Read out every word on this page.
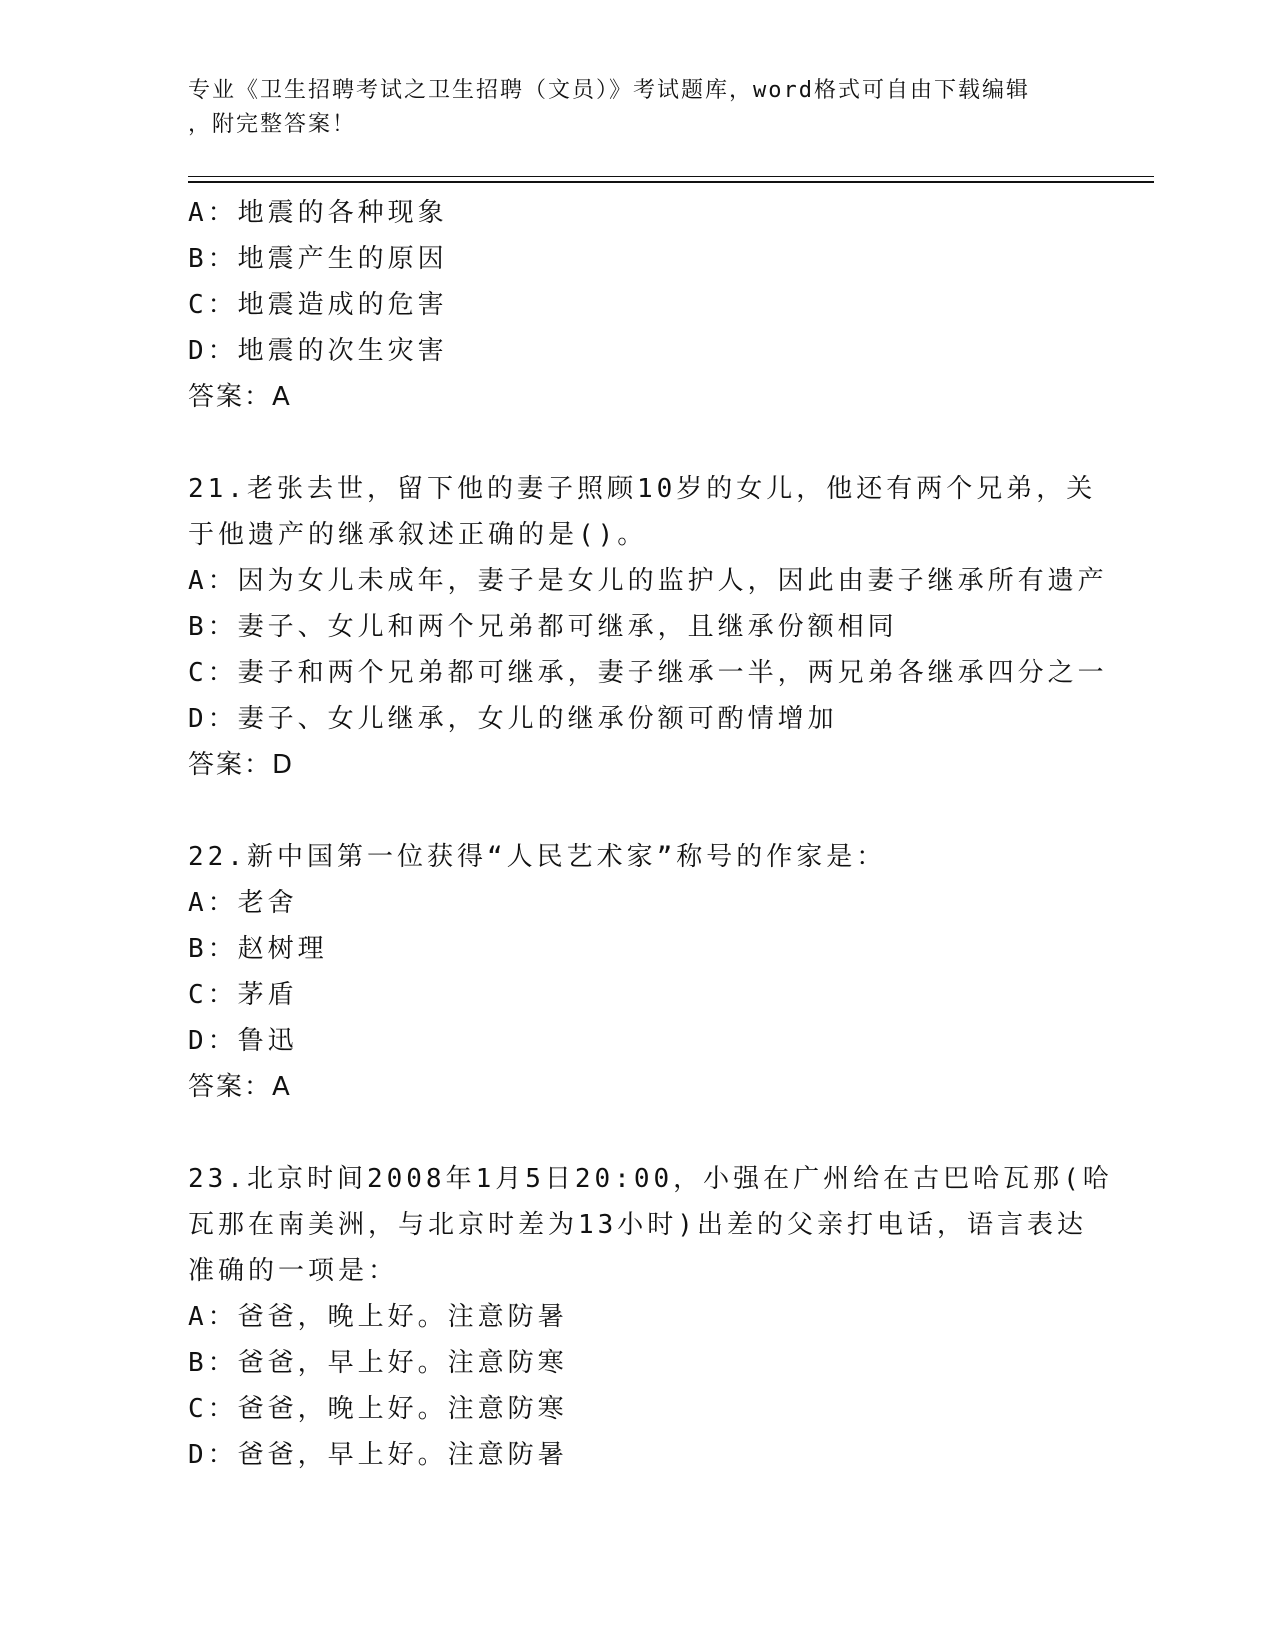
专业《卫生招聘考试之卫生招聘（文员）》考试题库，word格式可自由下载编辑
，附完整答案！
A：地震的各种现象
B：地震产生的原因
C：地震造成的危害
D：地震的次生灾害
答案：A
21.老张去世，留下他的妻子照顾10岁的女儿，他还有两个兄弟，关
于他遗产的继承叙述正确的是()。
A：因为女儿未成年，妻子是女儿的监护人，因此由妻子继承所有遗产
B：妻子、女儿和两个兄弟都可继承，且继承份额相同
C：妻子和两个兄弟都可继承，妻子继承一半，两兄弟各继承四分之一
D：妻子、女儿继承，女儿的继承份额可酌情增加
答案：D
22.新中国第一位获得“人民艺术家”称号的作家是：
A：老舍
B：赵树理
C：茅盾
D：鲁迅
答案：A
23.北京时间2008年1月5日20:00，小强在广州给在古巴哈瓦那(哈
瓦那在南美洲，与北京时差为13小时)出差的父亲打电话，语言表达
准确的一项是：
A：爸爸，晚上好。注意防暑
B：爸爸，早上好。注意防寒
C：爸爸，晚上好。注意防寒
D：爸爸，早上好。注意防暑
